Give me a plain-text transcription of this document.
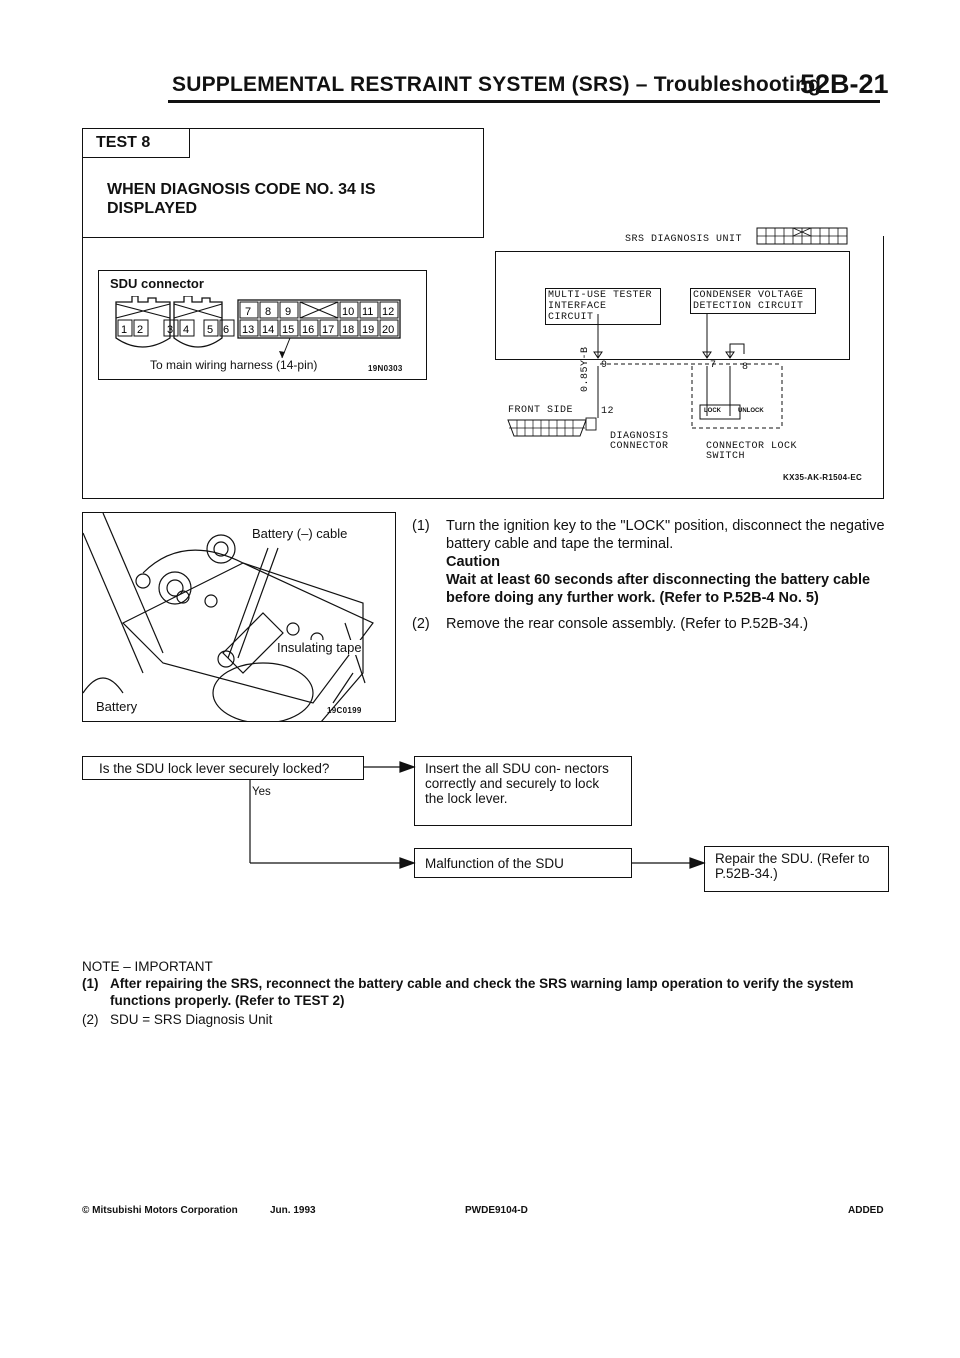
SUPPLEMENTAL RESTRAINT SYSTEM (SRS) – Troubleshooting
52B-21
TEST 8
WHEN DIAGNOSIS CODE NO. 34 IS DISPLAYED
SDU connector
1 2 3 4 5 6
7 8 9	10 11 12
13 14 15 16 17 18 19 20
To main wiring harness (14-pin)	19N0303
SRS DIAGNOSIS UNIT
MULTI-USE TESTER INTERFACE CIRCUIT
CONDENSER VOLTAGE DETECTION CIRCUIT
9
12
7	8
0.85Y-B
FRONT SIDE
DIAGNOSIS CONNECTOR
LOCK	UNLOCK
CONNECTOR LOCK SWITCH
KX35-AK-R1504-EC
Battery (–) cable
Insulating tape
Battery	19C0199
(1)	Turn the ignition key to the "LOCK" position, disconnect the negative battery cable and tape the terminal.
Caution
Wait at least 60 seconds after disconnecting the battery cable before doing any further work. (Refer to P.52B-4 No. 5)
(2)	Remove the rear console assembly. (Refer to P.52B-34.)
Is the SDU lock lever securely locked?
Yes
Insert the all SDU con- nectors correctly and securely to lock the lock lever.
Malfunction of the SDU	Repair the SDU. (Refer to P.52B-34.)
NOTE – IMPORTANT
(1) After repairing the SRS, reconnect the battery cable and check the SRS warning lamp operation to verify the system functions properly. (Refer to TEST 2)
(2) SDU = SRS Diagnosis Unit
© Mitsubishi Motors Corporation	Jun. 1993	PWDE9104-D	ADDED
